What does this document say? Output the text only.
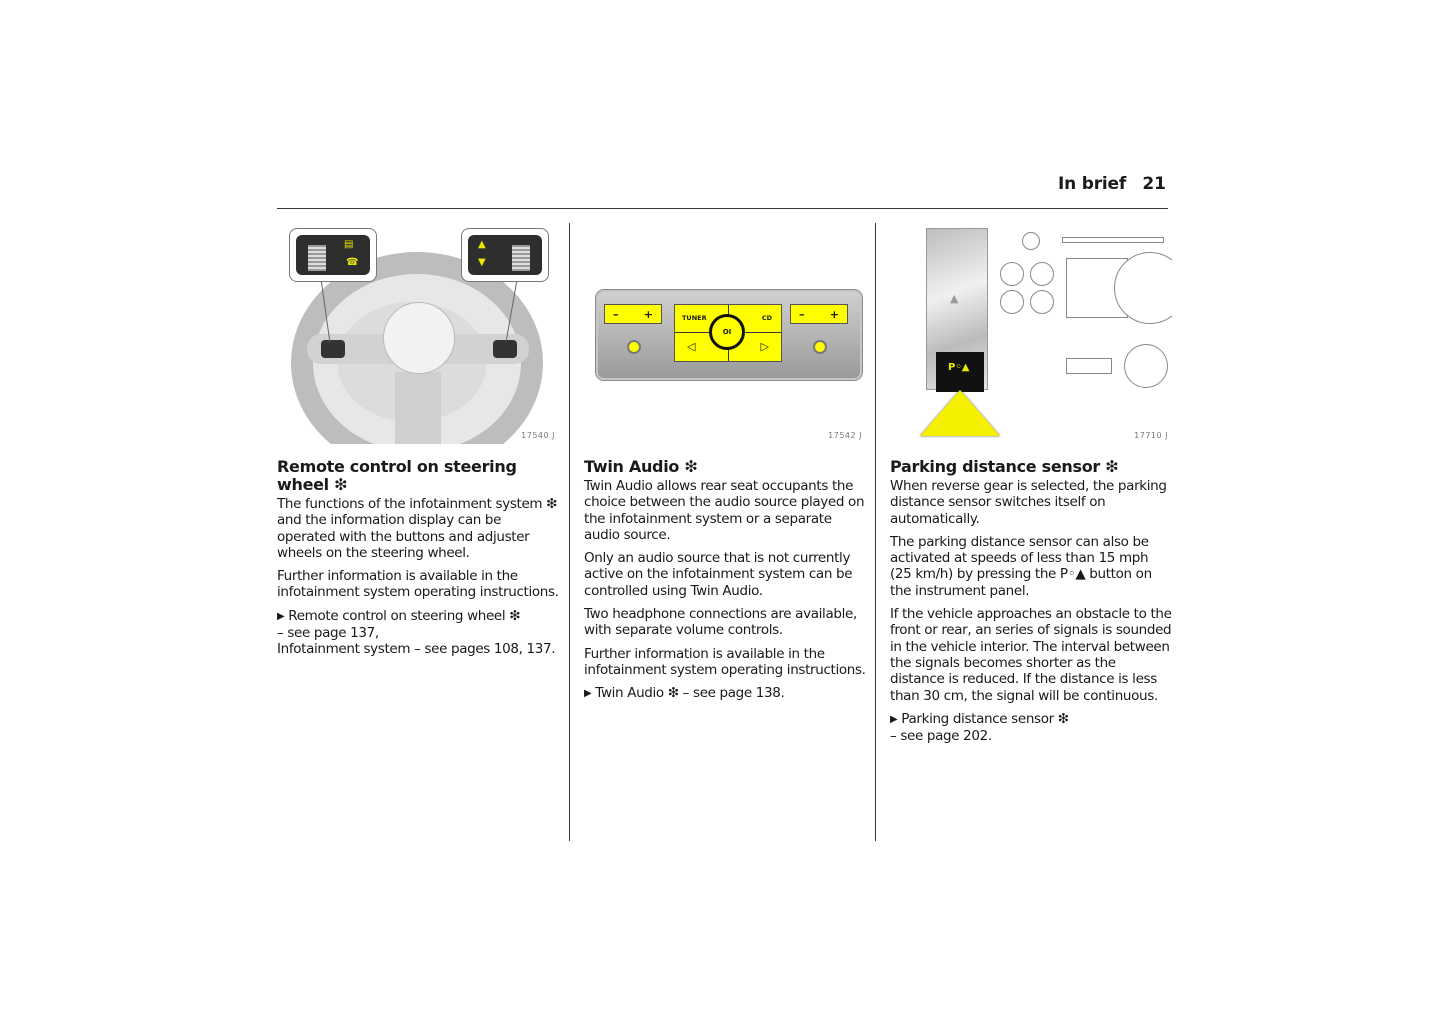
In brief 21
▤
☎
▲
▼
17540 J
Remote control on steering wheel ❇

The functions of the infotainment system ❇ and the information display can be operated with the buttons and adjuster wheels on the steering wheel.

Further information is available in the infotainment system operating instructions.

▶ Remote control on steering wheel ❇
– see page 137,
Infotainment system – see pages 108, 137.

– +	TUNER	CD
◁	▷
OI
– +
17542 J
Twin Audio ❇

Twin Audio allows rear seat occupants the choice between the audio source played on the infotainment system or a separate audio source.

Only an audio source that is not currently active on the infotainment system can be controlled using Twin Audio.

Two headphone connections are available, with separate volume controls.

Further information is available in the infotainment system operating instructions.

▶ Twin Audio ❇ – see page 138.

▲
P◦▲
17710 J
Parking distance sensor ❇

When reverse gear is selected, the parking distance sensor switches itself on automatically.

The parking distance sensor can also be activated at speeds of less than 15 mph (25 km/h) by pressing the P◦▲ button on the instrument panel.

If the vehicle approaches an obstacle to the front or rear, an series of signals is sounded in the vehicle interior. The interval between the signals becomes shorter as the distance is reduced. If the distance is less than 30 cm, the signal will be continuous.

▶ Parking distance sensor ❇
– see page 202.
